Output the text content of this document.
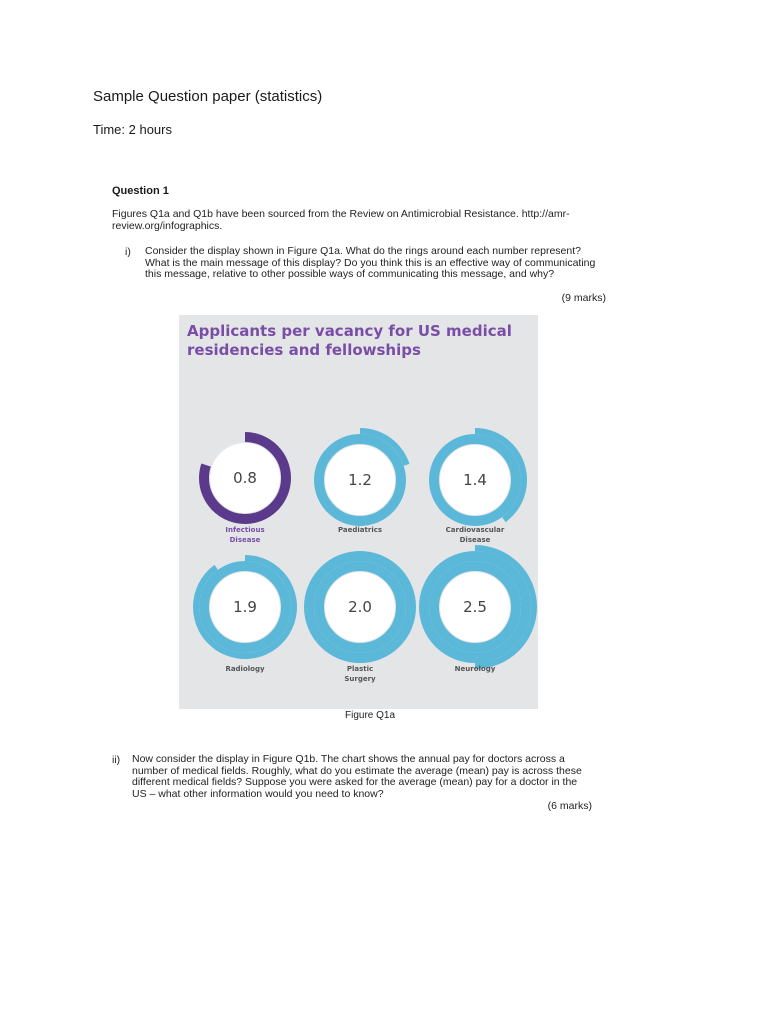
Sample Question paper (statistics)
Time: 2 hours
Question 1
Figures Q1a and Q1b have been sourced from the Review on Antimicrobial Resistance. http://amr-review.org/infographics.
i) Consider the display shown in Figure Q1a. What do the rings around each number represent? What is the main message of this display? Do you think this is an effective way of communicating this message, relative to other possible ways of communicating this message, and why?
(9 marks)
Applicants per vacancy for US medical residencies and fellowships
0.8
Infectious
Disease
1.2
Paediatrics
1.4
Cardiovascular
Disease
1.9
Radiology
2.0
Plastic
Surgery
2.5
Neurology
Figure Q1a
ii) Now consider the display in Figure Q1b. The chart shows the annual pay for doctors across a number of medical fields. Roughly, what do you estimate the average (mean) pay is across these different medical fields? Suppose you were asked for the average (mean) pay for a doctor in the US – what other information would you need to know?
(6 marks)
